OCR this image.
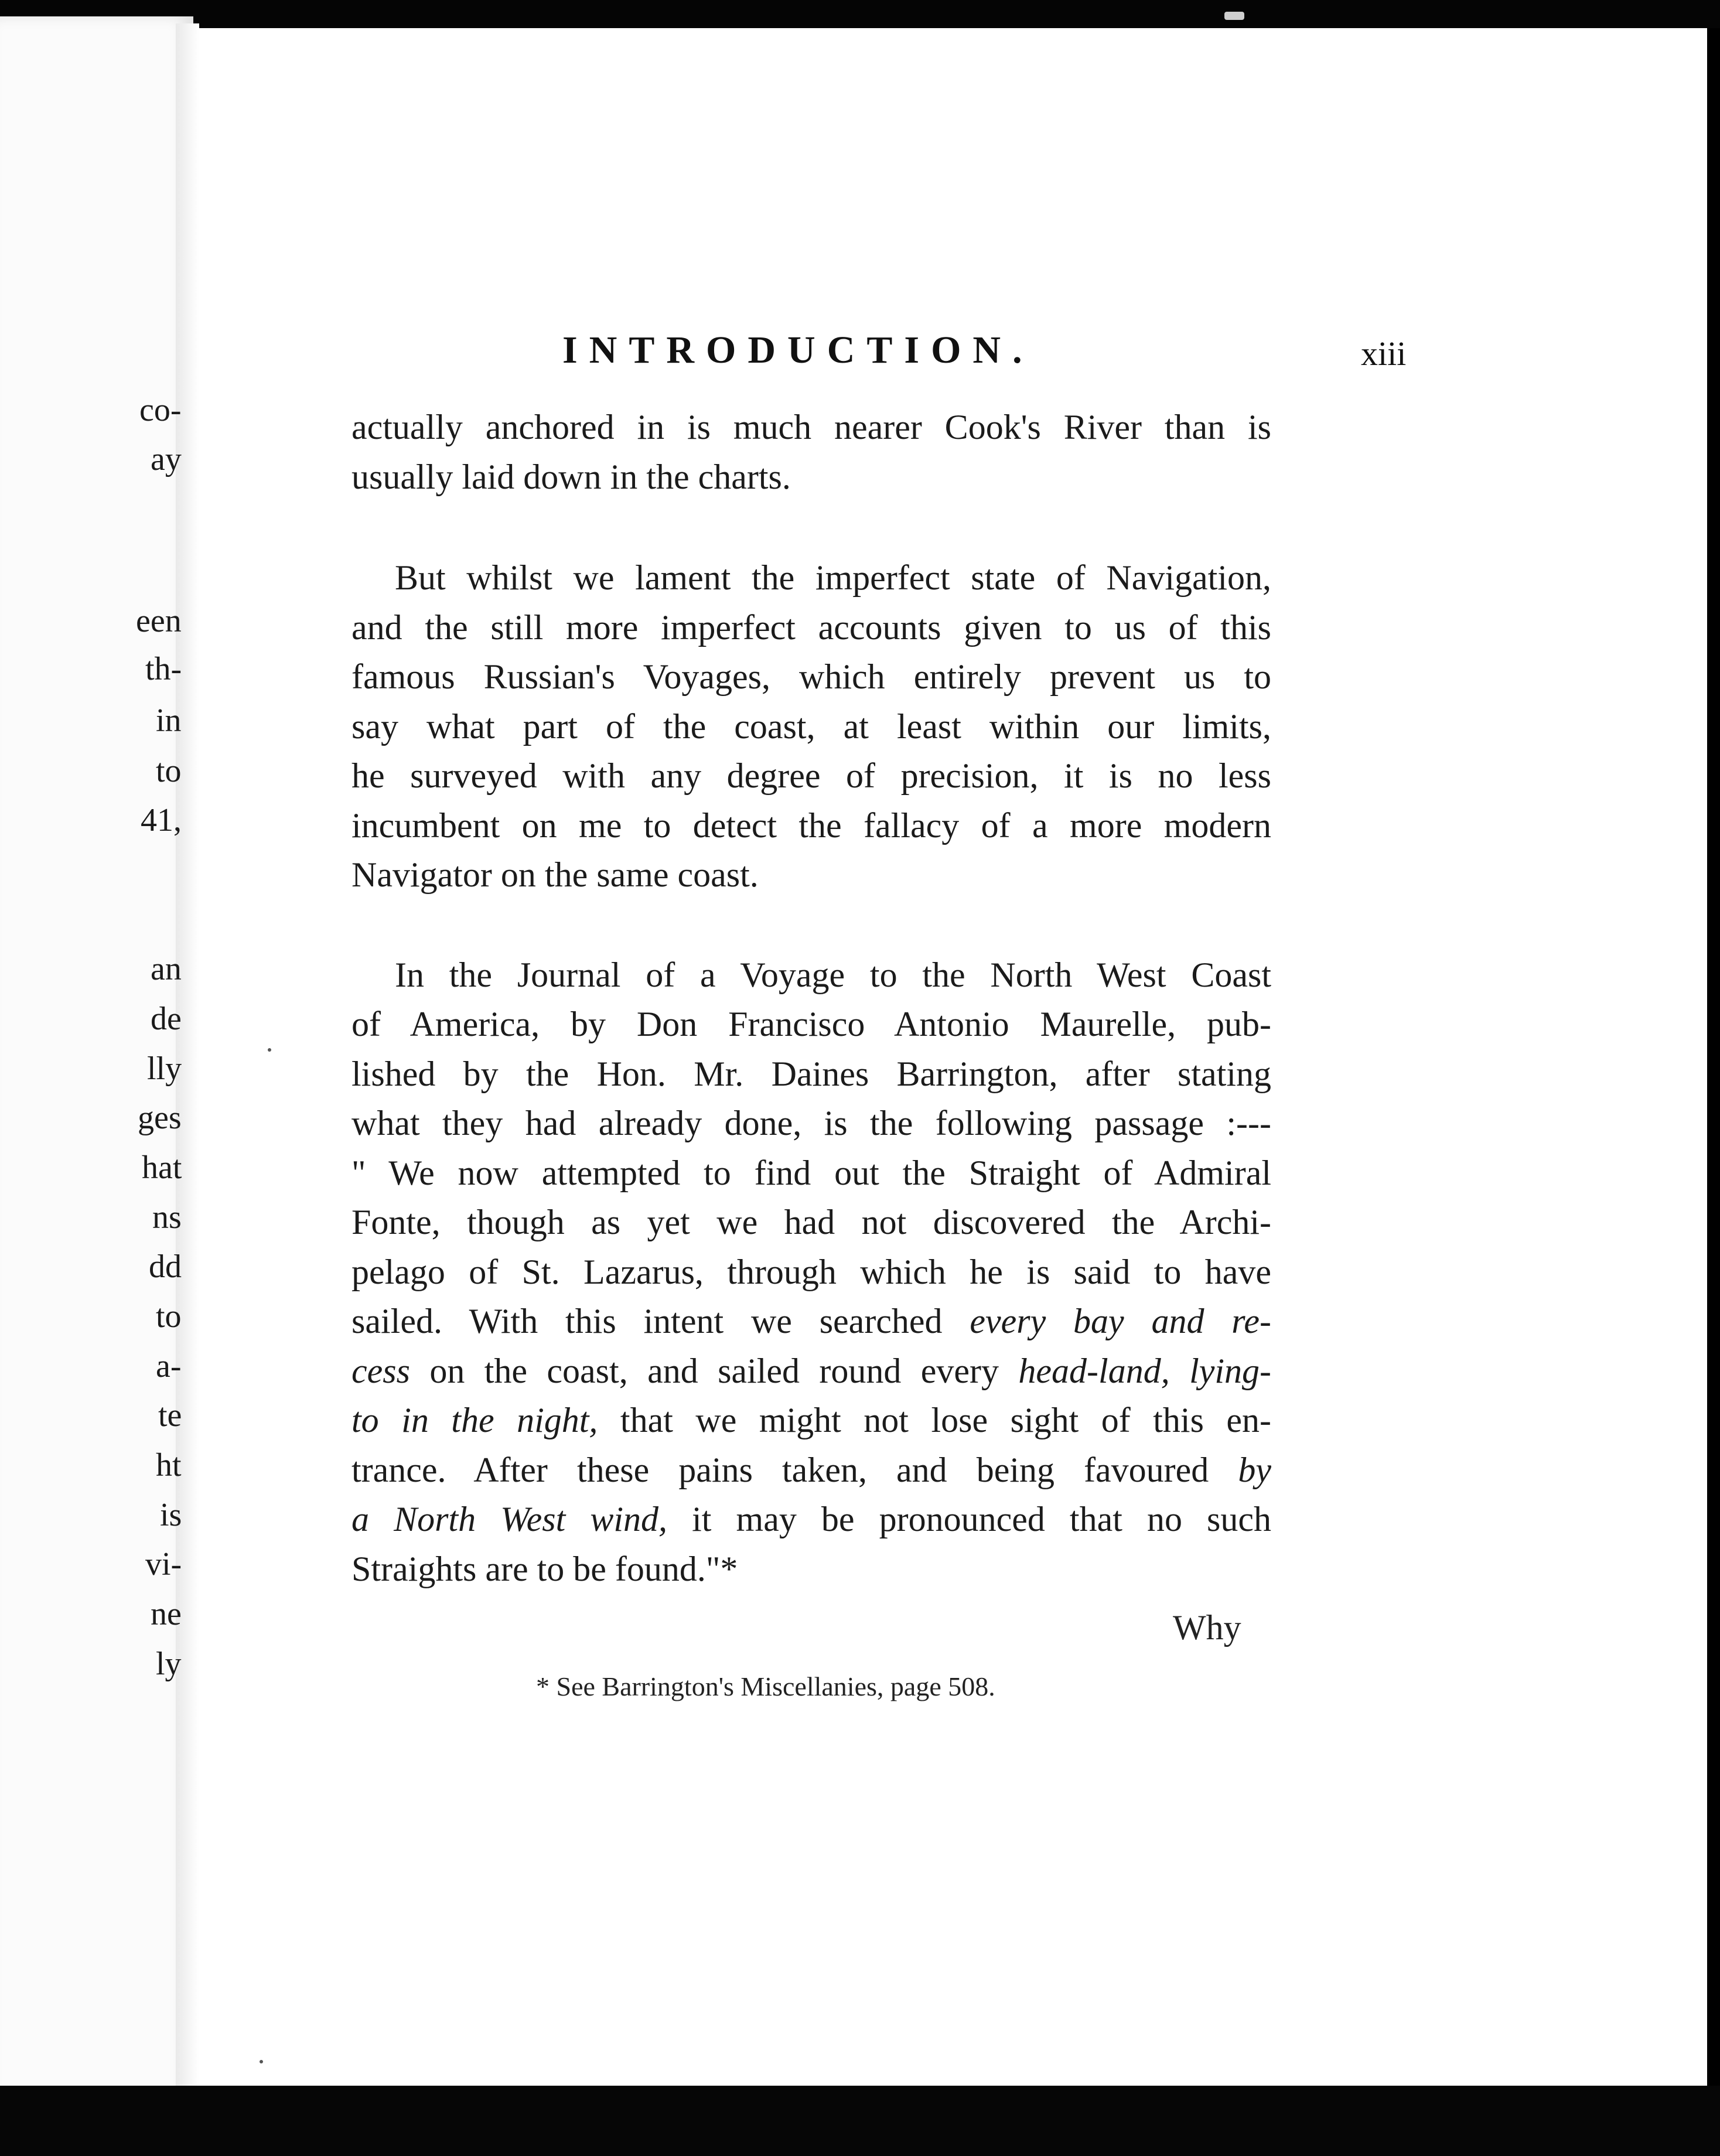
co-
ay
een
th-
in
to
41,
an
de
lly
ges
hat
ns
dd
to
a-
te
ht
is
vi-
ne
ly
INTRODUCTION.	xiii
actually anchored in is much nearer Cook's River than is
usually laid down in the charts.
But whilst we lament the imperfect state of Navigation,
and the still more imperfect accounts given to us of this
famous Russian's Voyages, which entirely prevent us to
say what part of the coast, at least within our limits,
he surveyed with any degree of precision, it is no less
incumbent on me to detect the fallacy of a more modern
Navigator on the same coast.
In the Journal of a Voyage to the North West Coast
of America, by Don Francisco Antonio Maurelle, pub-
lished by the Hon. Mr. Daines Barrington, after stating
what they had already done, is the following passage :---
" We now attempted to find out the Straight of Admiral
Fonte, though as yet we had not discovered the Archi-
pelago of St. Lazarus, through which he is said to have
sailed. With this intent we searched every bay and re-
cess on the coast, and sailed round every head-land, lying-
to in the night, that we might not lose sight of this en-
trance. After these pains taken, and being favoured by
a North West wind, it may be pronounced that no such
Straights are to be found."*
Why
* See Barrington's Miscellanies, page 508.
